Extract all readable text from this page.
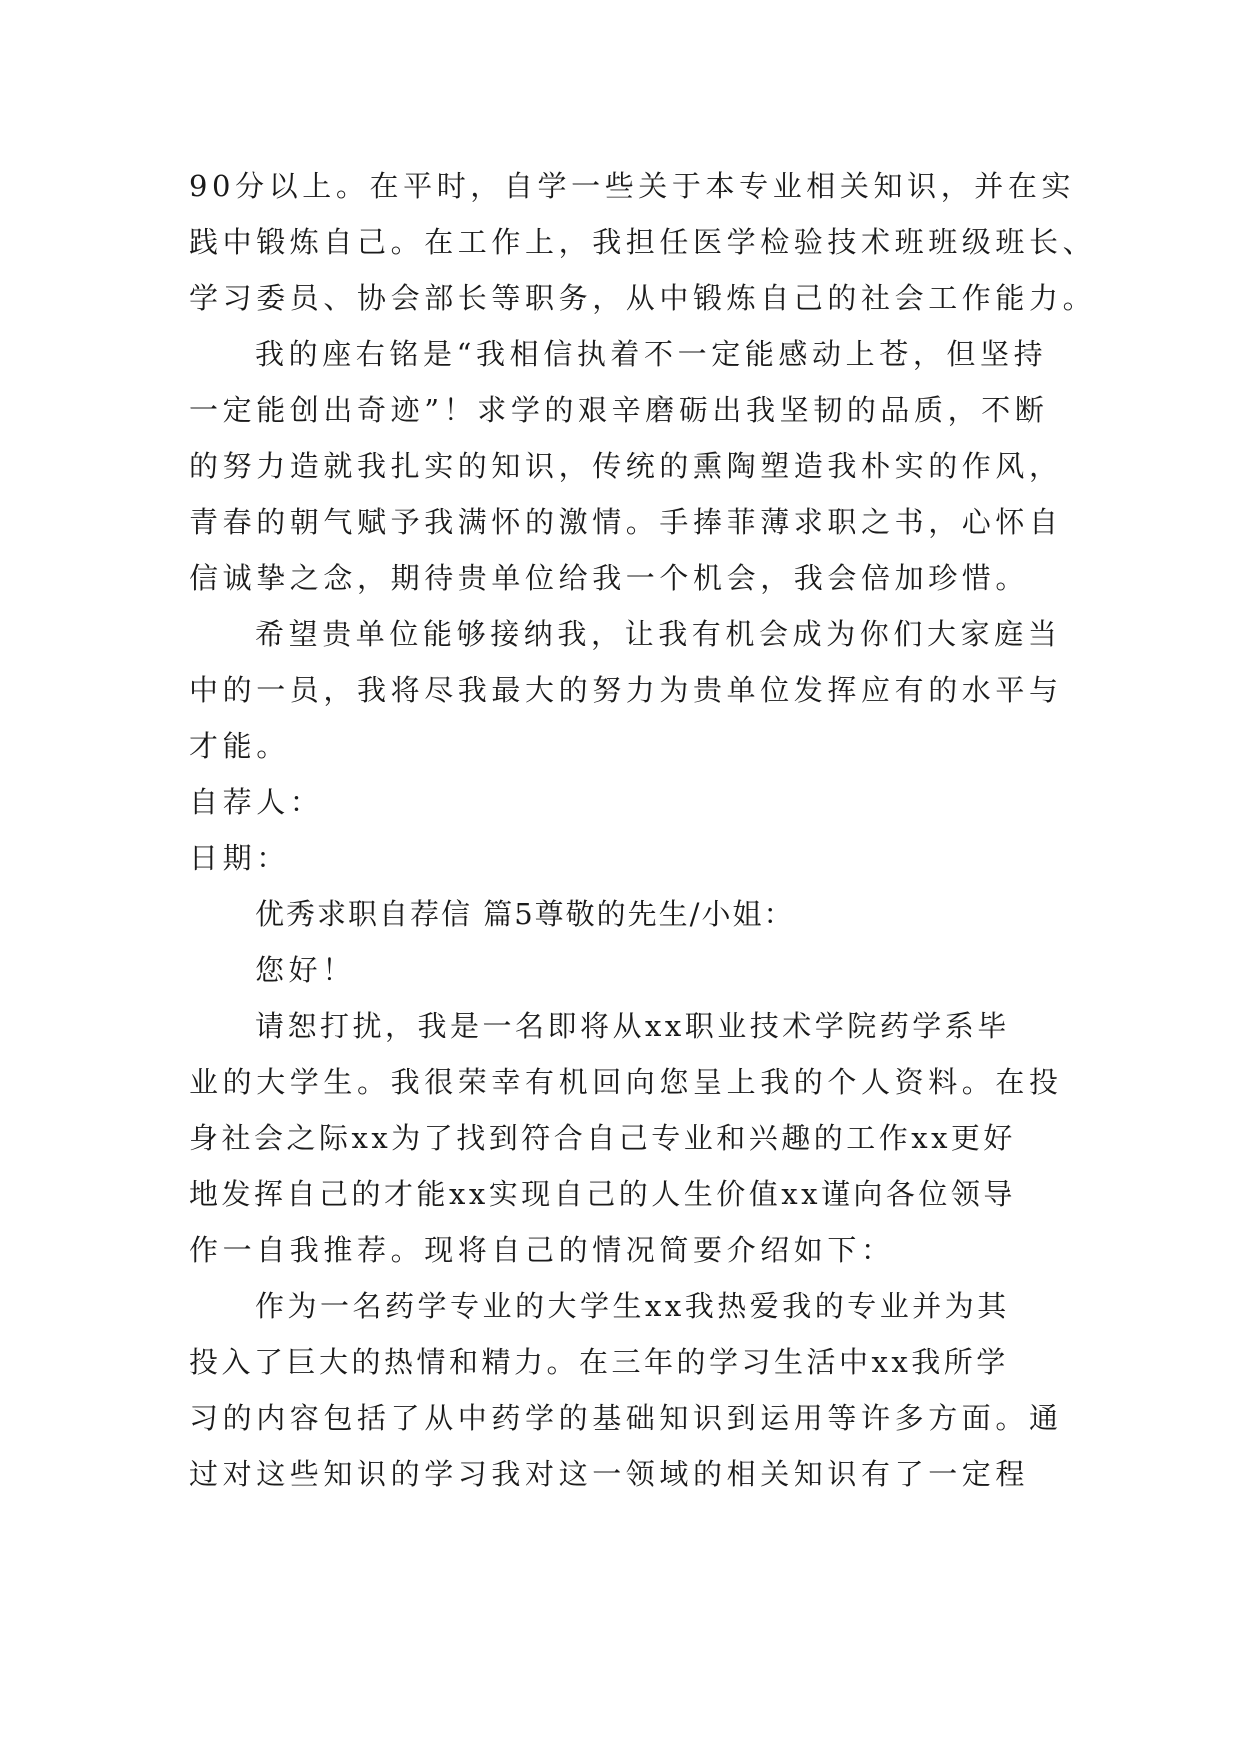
90分以上。在平时，自学一些关于本专业相关知识，并在实
践中锻炼自己。在工作上，我担任医学检验技术班班级班长、
学习委员、协会部长等职务，从中锻炼自己的社会工作能力。
我的座右铭是“我相信执着不一定能感动上苍，但坚持
一定能创出奇迹”！求学的艰辛磨砺出我坚韧的品质，不断
的努力造就我扎实的知识，传统的熏陶塑造我朴实的作风，
青春的朝气赋予我满怀的激情。手捧菲薄求职之书，心怀自
信诚挚之念，期待贵单位给我一个机会，我会倍加珍惜。
希望贵单位能够接纳我，让我有机会成为你们大家庭当
中的一员，我将尽我最大的努力为贵单位发挥应有的水平与
才能。
自荐人：
日期：
优秀求职自荐信 篇5尊敬的先生/小姐：
您好！
请恕打扰，我是一名即将从xx职业技术学院药学系毕
业的大学生。我很荣幸有机回向您呈上我的个人资料。在投
身社会之际xx为了找到符合自己专业和兴趣的工作xx更好
地发挥自己的才能xx实现自己的人生价值xx谨向各位领导
作一自我推荐。现将自己的情况简要介绍如下：
作为一名药学专业的大学生xx我热爱我的专业并为其
投入了巨大的热情和精力。在三年的学习生活中xx我所学
习的内容包括了从中药学的基础知识到运用等许多方面。通
过对这些知识的学习我对这一领域的相关知识有了一定程
